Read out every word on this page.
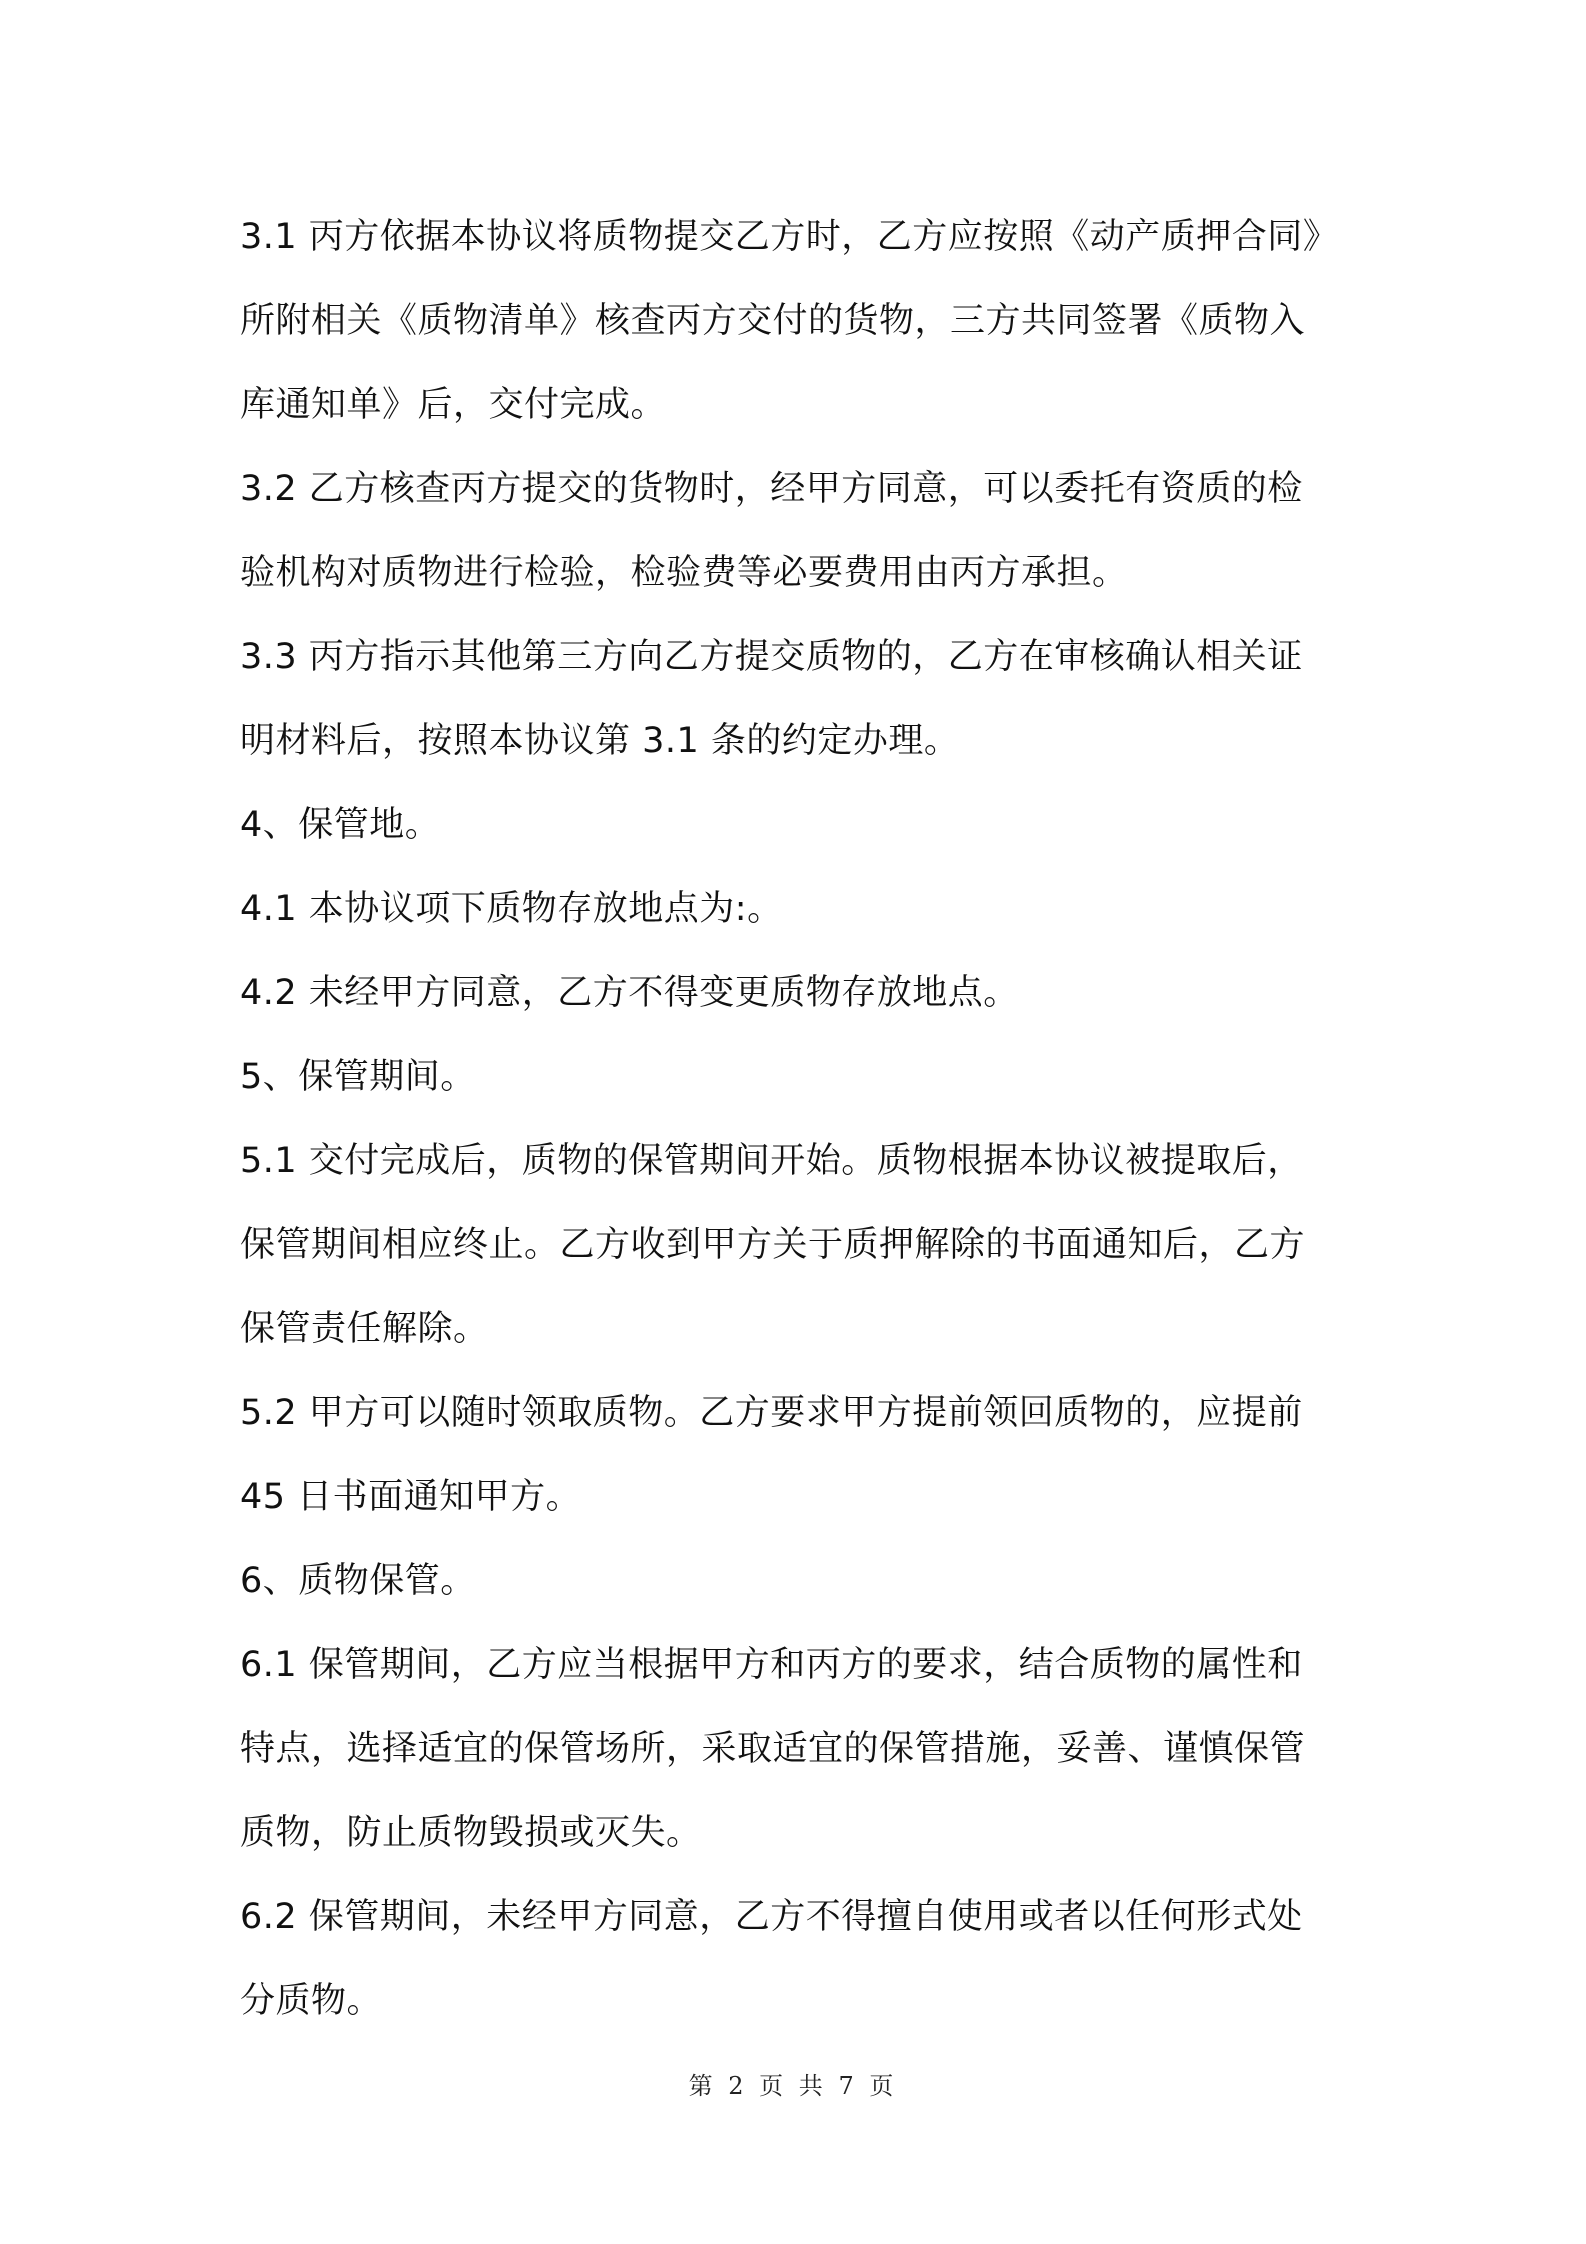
3.1 丙方依据本协议将质物提交乙方时，乙方应按照《动产质押合同》
所附相关《质物清单》核查丙方交付的货物，三方共同签署《质物入
库通知单》后，交付完成。

3.2 乙方核查丙方提交的货物时，经甲方同意，可以委托有资质的检
验机构对质物进行检验，检验费等必要费用由丙方承担。

3.3 丙方指示其他第三方向乙方提交质物的，乙方在审核确认相关证
明材料后，按照本协议第 3.1 条的约定办理。

4、保管地。

4.1 本协议项下质物存放地点为:。

4.2 未经甲方同意，乙方不得变更质物存放地点。

5、保管期间。

5.1 交付完成后，质物的保管期间开始。质物根据本协议被提取后，
保管期间相应终止。乙方收到甲方关于质押解除的书面通知后，乙方
保管责任解除。

5.2 甲方可以随时领取质物。乙方要求甲方提前领回质物的，应提前
45 日书面通知甲方。

6、质物保管。

6.1 保管期间，乙方应当根据甲方和丙方的要求，结合质物的属性和
特点，选择适宜的保管场所，采取适宜的保管措施，妥善、谨慎保管
质物，防止质物毁损或灭失。

6.2 保管期间，未经甲方同意，乙方不得擅自使用或者以任何形式处
分质物。

第 2 页 共 7 页
